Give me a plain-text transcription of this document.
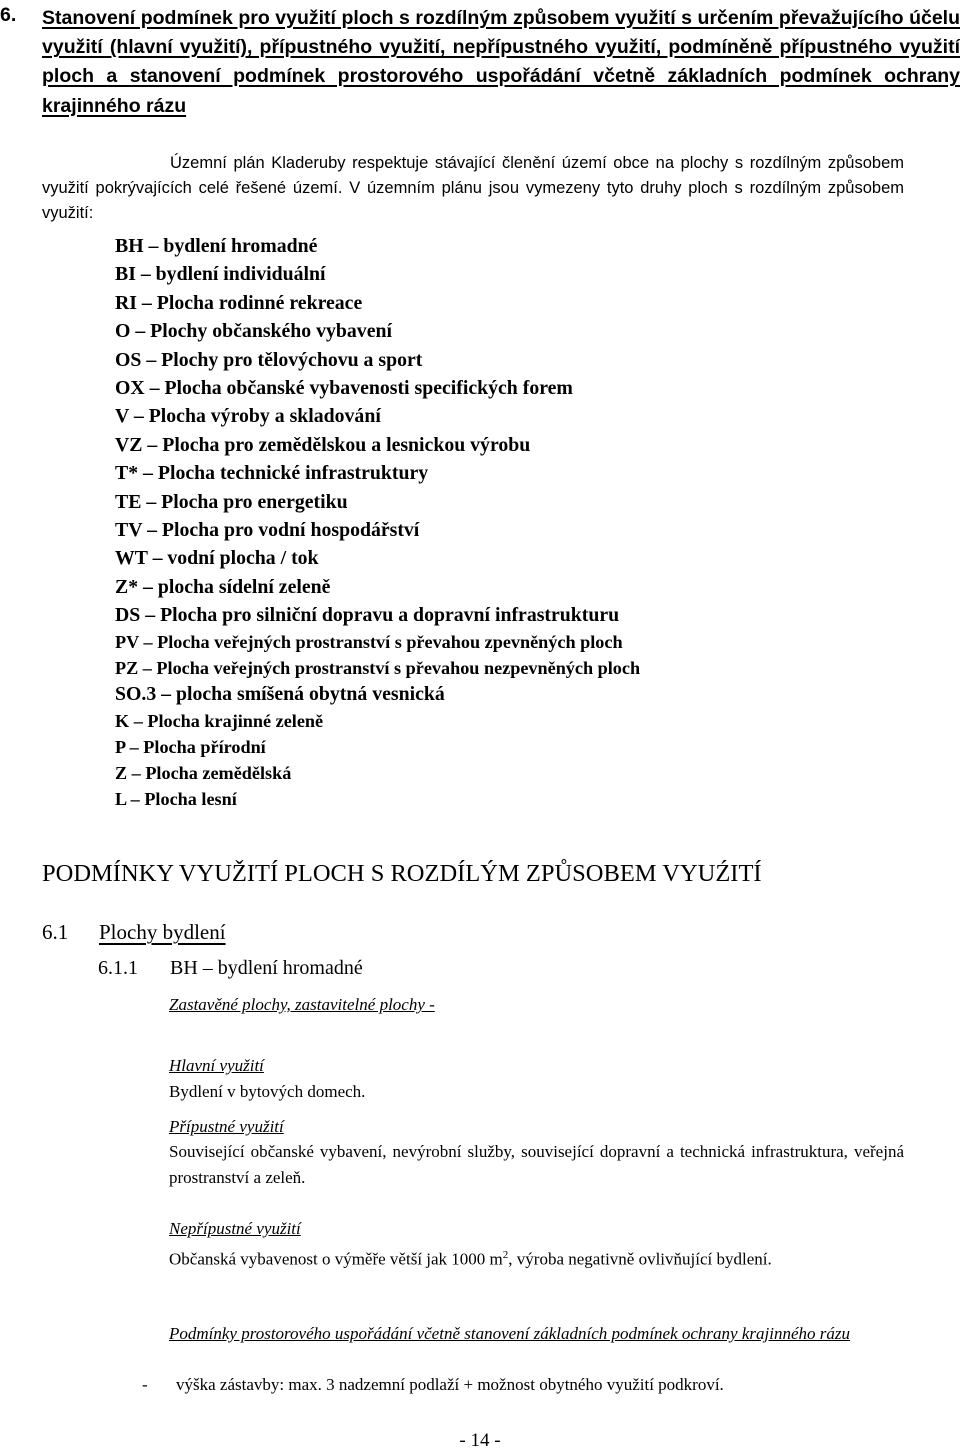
6. Stanovení podmínek pro využití ploch s rozdílným způsobem využití s určením převažujícího účelu využití (hlavní využití), přípustného využití, nepřípustného využití, podmíněně přípustného využití ploch a stanovení podmínek prostorového uspořádání včetně základních podmínek ochrany krajinného rázu
Územní plán Kladeruby respektuje stávající členění území obce na plochy s rozdílným způsobem využití pokrývajících celé řešené území. V územním plánu jsou vymezeny tyto druhy ploch s rozdílným způsobem využití:
BH – bydlení hromadné
BI – bydlení individuální
RI – Plocha rodinné rekreace
O – Plochy občanského vybavení
OS – Plochy pro tělovýchovu a sport
OX – Plocha občanské vybavenosti specifických forem
V – Plocha výroby a skladování
VZ – Plocha pro zemědělskou a lesnickou výrobu
T* – Plocha technické infrastruktury
TE – Plocha pro energetiku
TV – Plocha pro vodní hospodářství
WT – vodní plocha / tok
Z* – plocha sídelní zeleně
DS – Plocha pro silniční dopravu a dopravní infrastrukturu
PV – Plocha veřejných prostranství s převahou zpevněných ploch
PZ – Plocha veřejných prostranství s převahou nezpevněných ploch
SO.3 – plocha smíšená obytná vesnická
K – Plocha krajinné zeleně
P – Plocha přírodní
Z – Plocha zemědělská
L – Plocha lesní
PODMÍNKY VYUŽITÍ PLOCH S ROZDÍLÝM ZPŮSOBEM VYUŹITÍ
6.1 Plochy bydlení
6.1.1 BH – bydlení hromadné
Zastavěné plochy, zastavitelné plochy -
Hlavní využití
Bydlení v bytových domech.
Přípustné využití
Související občanské vybavení, nevýrobní služby, související dopravní a technická infrastruktura, veřejná prostranství a zeleň.
Nepřípustné využití
Občanská vybavenost o výměře větší jak 1000 $m^2$, výroba negativně ovlivňující bydlení.
Podmínky prostorového uspořádání včetně stanovení základních podmínek ochrany krajinného rázu
- výška zástavby: max. 3 nadzemní podlaží + možnost obytného využití podkroví.
- 14 -
